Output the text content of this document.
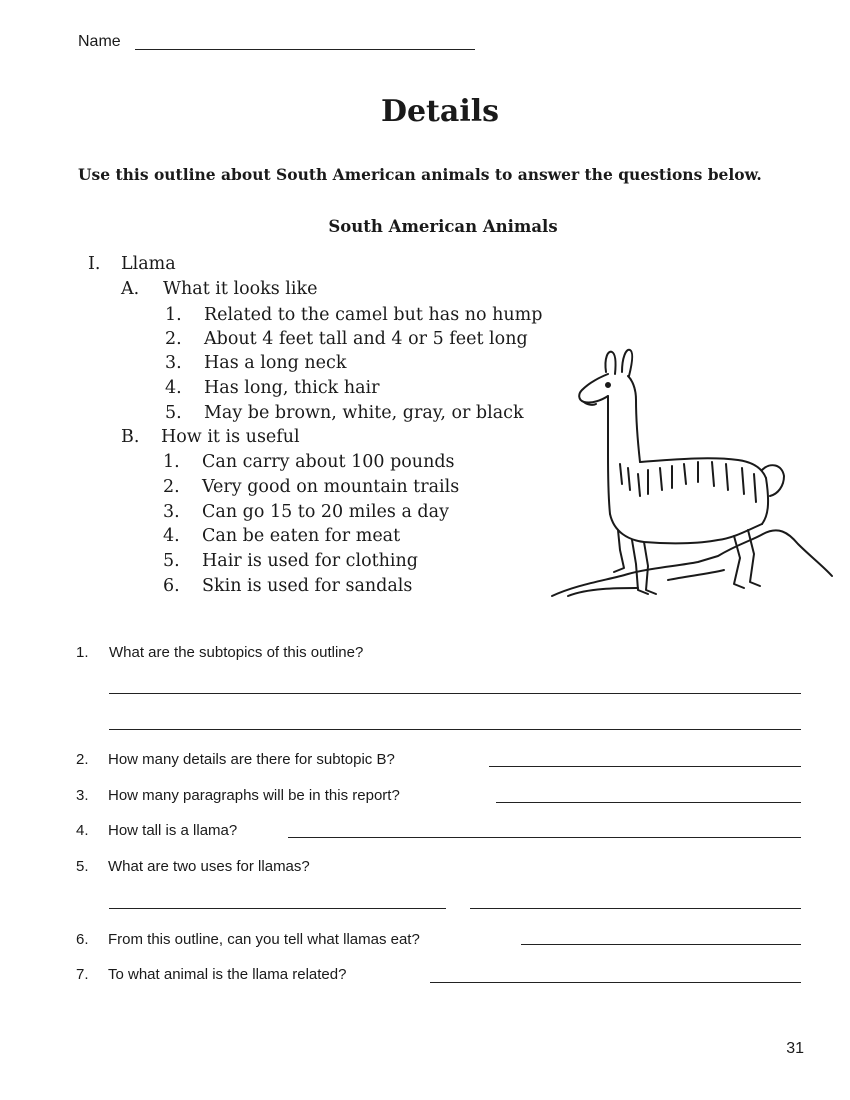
Name
Details
Use this outline about South American animals to answer the questions below.
South American Animals
I. Llama
A. What it looks like
1. Related to the camel but has no hump
2. About 4 feet tall and 4 or 5 feet long
3. Has a long neck
4. Has long, thick hair
5. May be brown, white, gray, or black
B. How it is useful
1. Can carry about 100 pounds
2. Very good on mountain trails
3. Can go 15 to 20 miles a day
4. Can be eaten for meat
5. Hair is used for clothing
6. Skin is used for sandals
1. What are the subtopics of this outline?
2. How many details are there for subtopic B?
3. How many paragraphs will be in this report?
4. How tall is a llama?
5. What are two uses for llamas?
6. From this outline, can you tell what llamas eat?
7. To what animal is the llama related?
31
